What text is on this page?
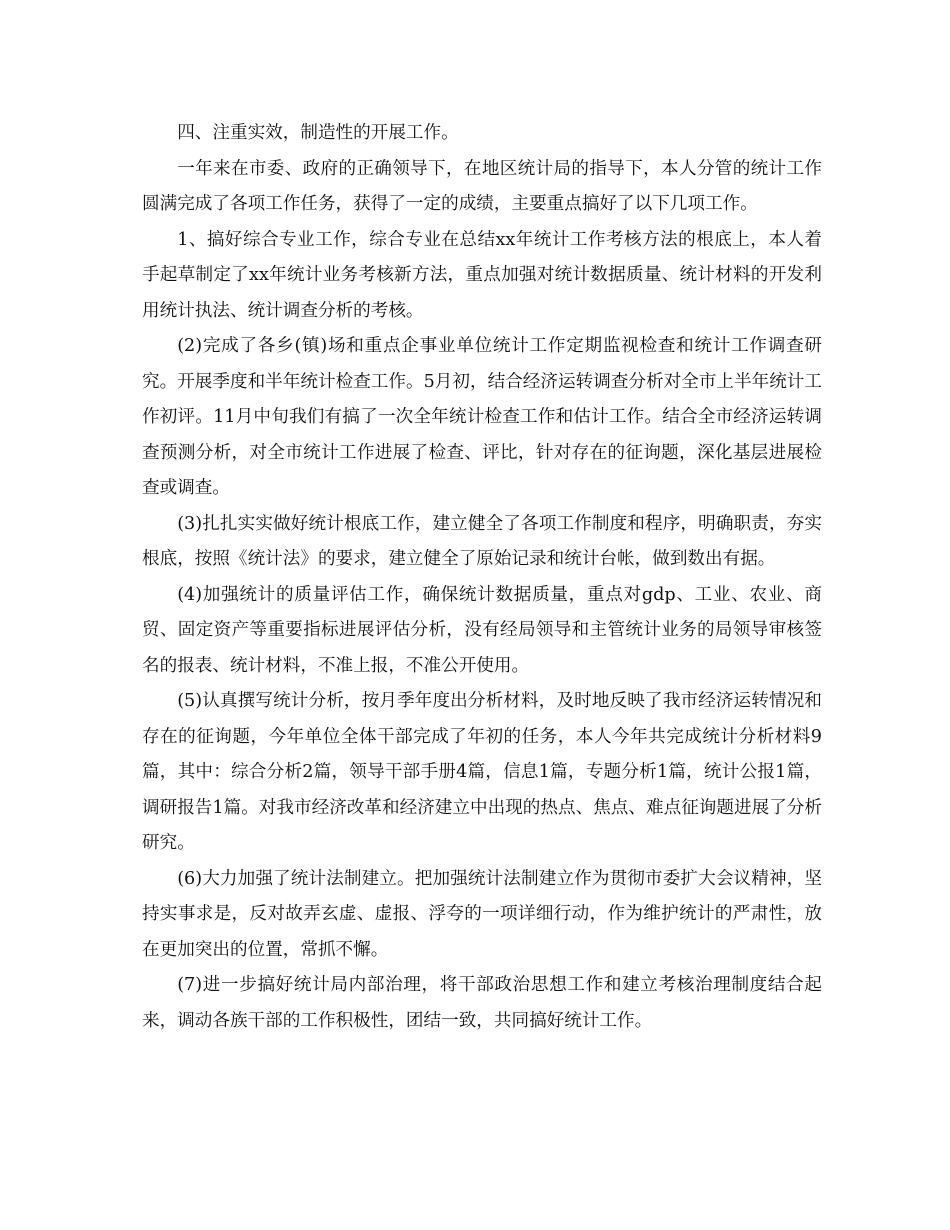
四、注重实效，制造性的开展工作。

一年来在市委、政府的正确领导下，在地区统计局的指导下，本人分管的统计工作圆满完成了各项工作任务，获得了一定的成绩，主要重点搞好了以下几项工作。

1、搞好综合专业工作，综合专业在总结xx年统计工作考核方法的根底上，本人着手起草制定了xx年统计业务考核新方法，重点加强对统计数据质量、统计材料的开发利用统计执法、统计调查分析的考核。

(2)完成了各乡(镇)场和重点企事业单位统计工作定期监视检查和统计工作调查研究。开展季度和半年统计检查工作。5月初，结合经济运转调查分析对全市上半年统计工作初评。11月中旬我们有搞了一次全年统计检查工作和估计工作。结合全市经济运转调查预测分析，对全市统计工作进展了检查、评比，针对存在的征询题，深化基层进展检查或调查。

(3)扎扎实实做好统计根底工作，建立健全了各项工作制度和程序，明确职责，夯实根底，按照《统计法》的要求，建立健全了原始记录和统计台帐，做到数出有据。

(4)加强统计的质量评估工作，确保统计数据质量，重点对gdp、工业、农业、商贸、固定资产等重要指标进展评估分析，没有经局领导和主管统计业务的局领导审核签名的报表、统计材料，不准上报，不准公开使用。

(5)认真撰写统计分析，按月季年度出分析材料，及时地反映了我市经济运转情况和存在的征询题，今年单位全体干部完成了年初的任务，本人今年共完成统计分析材料9篇，其中：综合分析2篇，领导干部手册4篇，信息1篇，专题分析1篇，统计公报1篇，调研报告1篇。对我市经济改革和经济建立中出现的热点、焦点、难点征询题进展了分析研究。

(6)大力加强了统计法制建立。把加强统计法制建立作为贯彻市委扩大会议精神，坚持实事求是，反对故弄玄虚、虚报、浮夸的一项详细行动，作为维护统计的严肃性，放在更加突出的位置，常抓不懈。

(7)进一步搞好统计局内部治理，将干部政治思想工作和建立考核治理制度结合起来，调动各族干部的工作积极性，团结一致，共同搞好统计工作。
